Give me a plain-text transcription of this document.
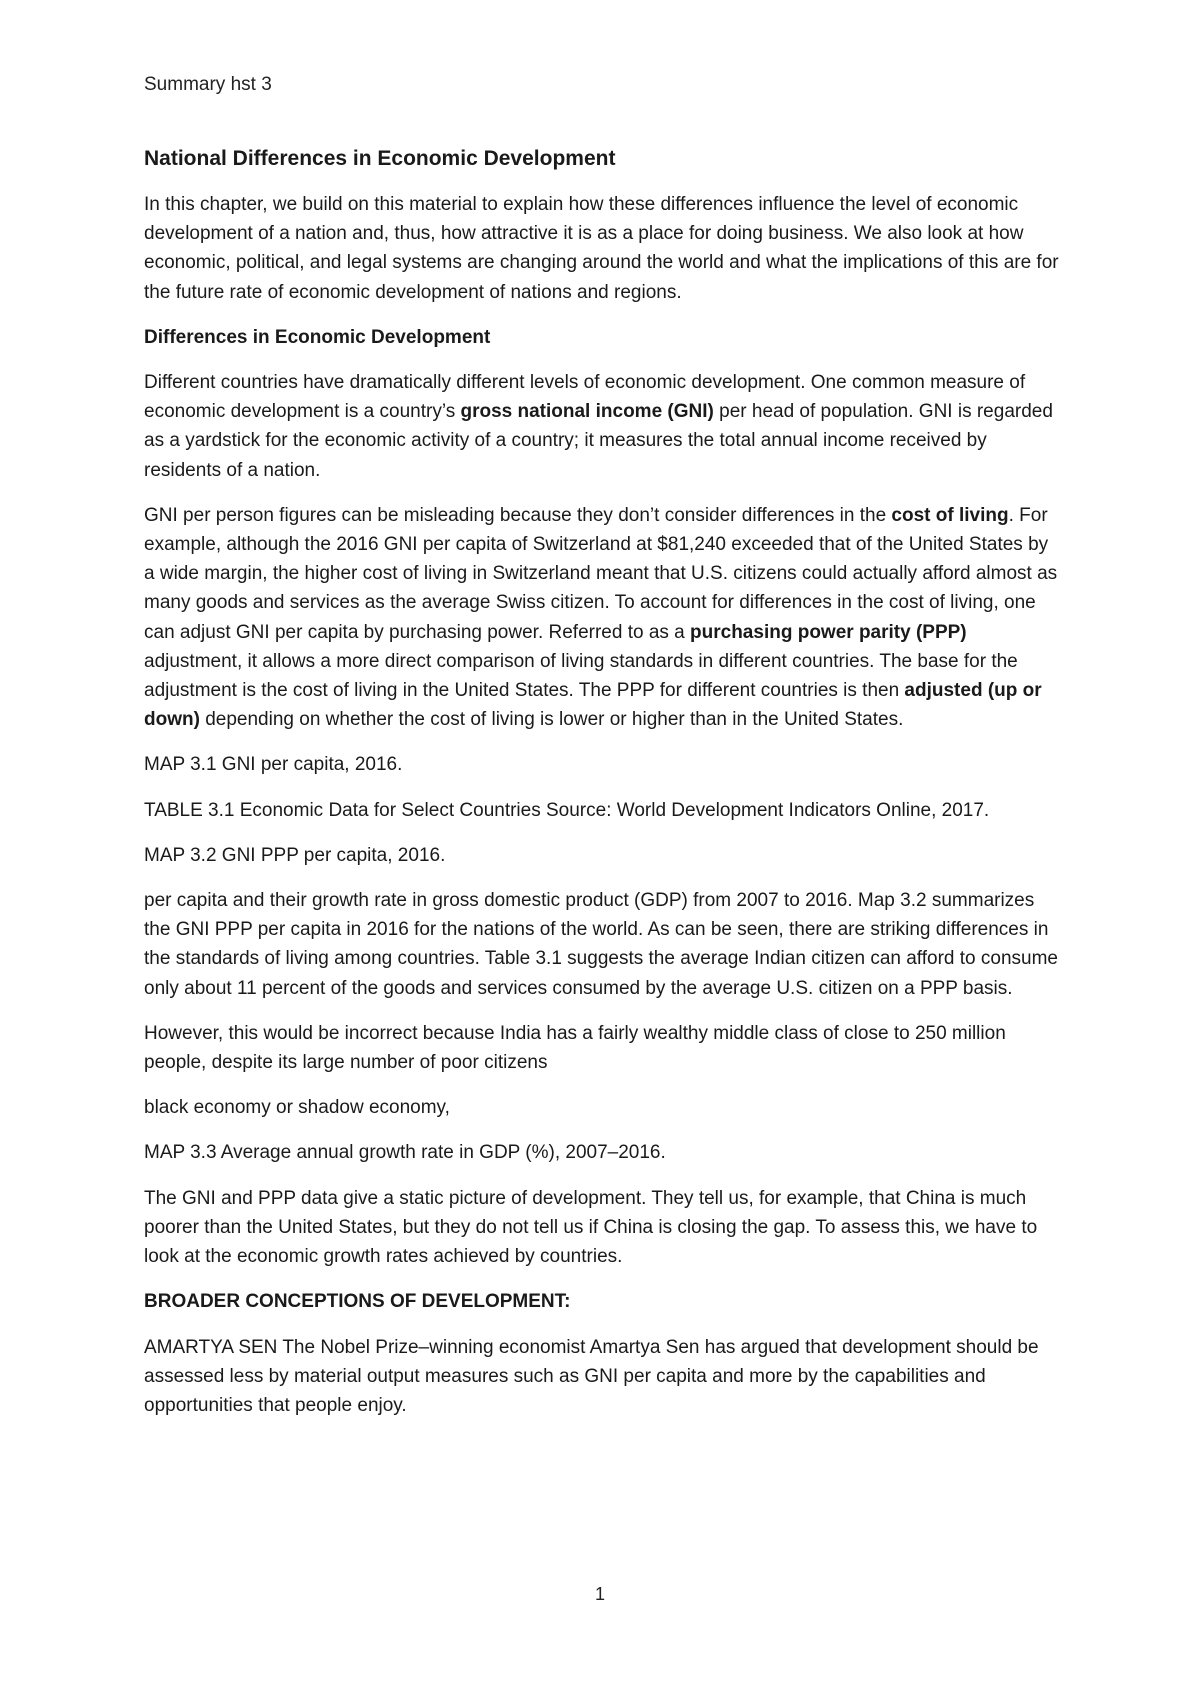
Summary hst 3

National Differences in Economic Development

In this chapter, we build on this material to explain how these differences influence the level of economic development of a nation and, thus, how attractive it is as a place for doing business. We also look at how economic, political, and legal systems are changing around the world and what the implications of this are for the future rate of economic development of nations and regions.

Differences in Economic Development

Different countries have dramatically different levels of economic development. One common measure of economic development is a country’s gross national income (GNI) per head of population. GNI is regarded as a yardstick for the economic activity of a country; it measures the total annual income received by residents of a nation.

GNI per person figures can be misleading because they don’t consider differences in the cost of living. For example, although the 2016 GNI per capita of Switzerland at $81,240 exceeded that of the United States by a wide margin, the higher cost of living in Switzerland meant that U.S. citizens could actually afford almost as many goods and services as the average Swiss citizen. To account for differences in the cost of living, one can adjust GNI per capita by purchasing power. Referred to as a purchasing power parity (PPP) adjustment, it allows a more direct comparison of living standards in different countries. The base for the adjustment is the cost of living in the United States. The PPP for different countries is then adjusted (up or down) depending on whether the cost of living is lower or higher than in the United States.

MAP 3.1 GNI per capita, 2016.

TABLE 3.1 Economic Data for Select Countries Source: World Development Indicators Online, 2017.

MAP 3.2 GNI PPP per capita, 2016.

per capita and their growth rate in gross domestic product (GDP) from 2007 to 2016. Map 3.2 summarizes the GNI PPP per capita in 2016 for the nations of the world. As can be seen, there are striking differences in the standards of living among countries. Table 3.1 suggests the average Indian citizen can afford to consume only about 11 percent of the goods and services consumed by the average U.S. citizen on a PPP basis.

However, this would be incorrect because India has a fairly wealthy middle class of close to 250 million people, despite its large number of poor citizens

black economy or shadow economy,

MAP 3.3 Average annual growth rate in GDP (%), 2007–2016.

The GNI and PPP data give a static picture of development. They tell us, for example, that China is much poorer than the United States, but they do not tell us if China is closing the gap. To assess this, we have to look at the economic growth rates achieved by countries.

BROADER CONCEPTIONS OF DEVELOPMENT:

AMARTYA SEN The Nobel Prize–winning economist Amartya Sen has argued that development should be assessed less by material output measures such as GNI per capita and more by the capabilities and opportunities that people enjoy.

1
